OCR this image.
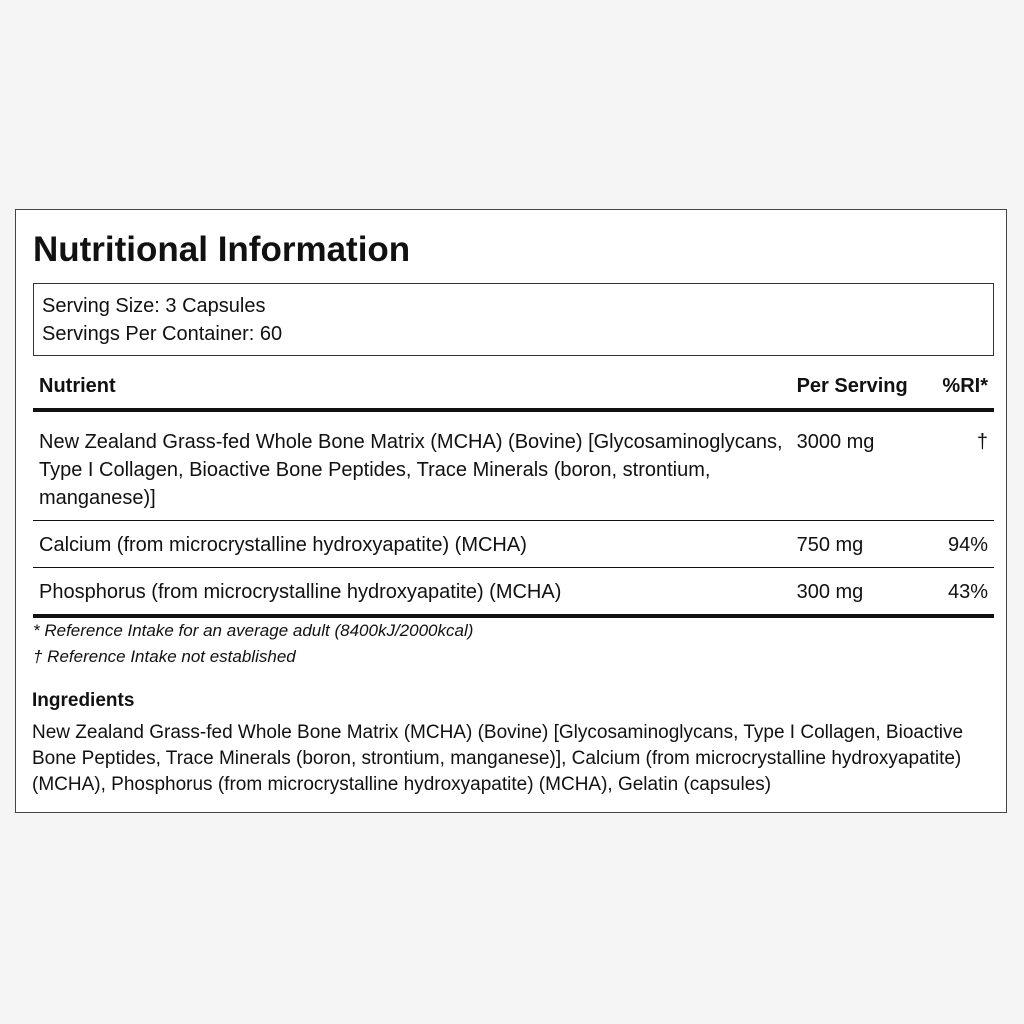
Nutritional Information
Serving Size: 3 Capsules
Servings Per Container: 60
Nutrient	Per Serving	%RI*
New Zealand Grass-fed Whole Bone Matrix (MCHA) (Bovine) [Glycosaminoglycans, Type I Collagen, Bioactive Bone Peptides, Trace Minerals (boron, strontium, manganese)]	3000 mg	†
Calcium (from microcrystalline hydroxyapatite) (MCHA)	750 mg	94%
Phosphorus (from microcrystalline hydroxyapatite) (MCHA)	300 mg	43%
* Reference Intake for an average adult (8400kJ/2000kcal)
† Reference Intake not established
Ingredients

New Zealand Grass-fed Whole Bone Matrix (MCHA) (Bovine) [Glycosaminoglycans, Type I Collagen, Bioactive Bone Peptides, Trace Minerals (boron, strontium, manganese)], Calcium (from microcrystalline hydroxyapatite) (MCHA), Phosphorus (from microcrystalline hydroxyapatite) (MCHA), Gelatin (capsules)
